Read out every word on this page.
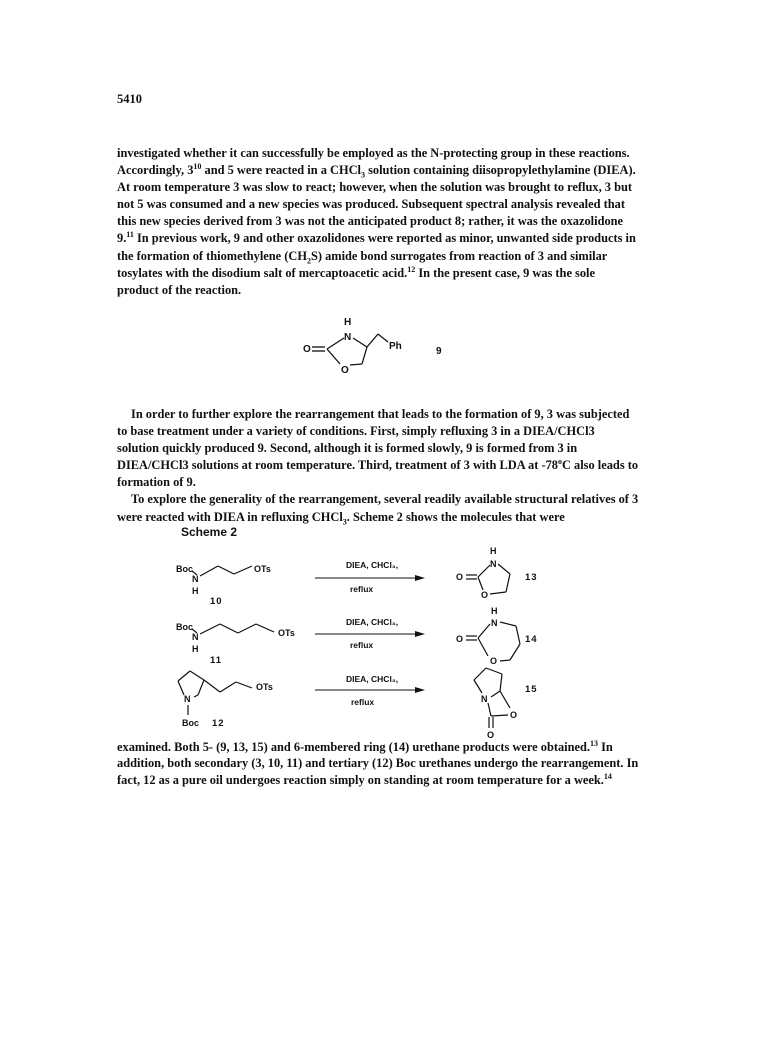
5410

investigated whether it can successfully be employed as the N-protecting group in these reactions. Accordingly, $3^{10}$ and 5 were reacted in a CHCl$_3$ solution containing diisopropylethylamine (DIEA). At room temperature 3 was slow to react; however, when the solution was brought to reflux, 3 but not 5 was consumed and a new species was produced. Subsequent spectral analysis revealed that this new species derived from 3 was not the anticipated product 8; rather, it was the oxazolidone 9.11 In previous work, 9 and other oxazolidones were reported as minor, unwanted side products in the formation of thiomethylene $(CH_2S)$ amide bond surrogates from reaction of 3 and similar tosylates with the disodium salt of mercaptoacetic acid.$^{12}$ In the present case, 9 was the sole product of the reaction.

H
N
O
O	Ph	9

In order to further explore the rearrangement that leads to the formation of 9, 3 was subjected to base treatment under a variety of conditions. First, simply refluxing 3 in a DIEA/CHCl3 solution quickly produced 9. Second, although it is formed slowly, 9 is formed from 3 in DIEA/CHCl3 solutions at room temperature. Third, treatment of 3 with LDA at -78$^o$C also leads to formation of 9.

To explore the generality of the rearrangement, several readily available structural relatives of 3 were reacted with DIEA in refluxing CHCl$_3$. Scheme 2 shows the molecules that were

Scheme 2
Boc
N
H
OTs
10
DIEA, CHCl₃,
reflux
H
N
O
O	13
Boc
N
H
OTs
11
DIEA, CHCl₃,
reflux
H
N
O
O	14
N
Boc
OTs
12
DIEA, CHCl₃,
reflux	N
O
O
15

examined. Both 5- (9, 13, 15) and 6-membered ring (14) urethane products were obtained.$^{13}$ In addition, both secondary (3, 10, 11) and tertiary (12) Boc urethanes undergo the rearrangement. In fact, 12 as a pure oil undergoes reaction simply on standing at room temperature for a week.$^{14}$
